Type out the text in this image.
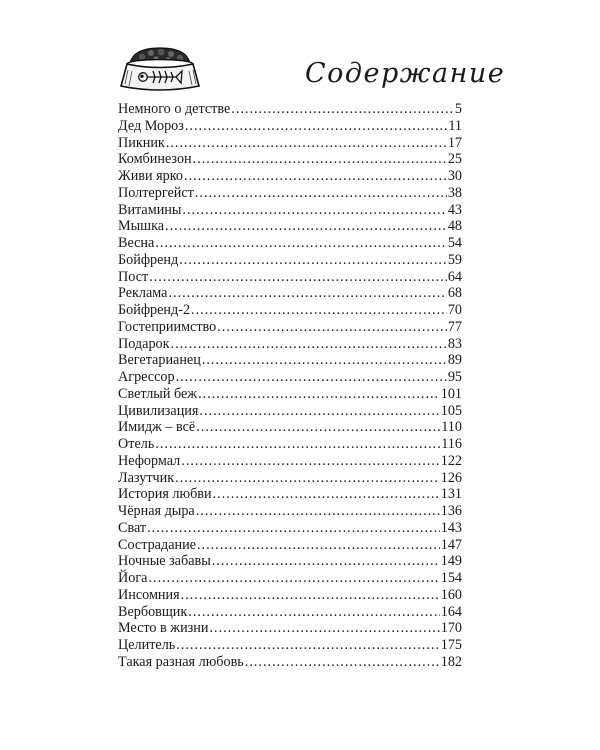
Содержание
Немного о детстве .....	5
Дед Мороз .....	11
Пикник .....	17
Комбинезон .....	25
Живи ярко .....	30
Полтергейст .....	38
Витамины .....	43
Мышка .....	48
Весна .....	54
Бойфренд .....	59
Пост .....	64
Реклама .....	68
Бойфренд-2 .....	70
Гостеприимство .....	77
Подарок .....	83
Вегетарианец .....	89
Агрессор .....	95
Светлый беж .....	101
Цивилизация .....	105
Имидж – всё .....	110
Отель .....	116
Неформал .....	122
Лазутчик .....	126
История любви .....	131
Чёрная дыра .....	136
Сват .....	143
Сострадание .....	147
Ночные забавы .....	149
Йога .....	154
Инсомния .....	160
Вербовщик .....	164
Место в жизни .....	170
Целитель .....	175
Такая разная любовь .....	182
